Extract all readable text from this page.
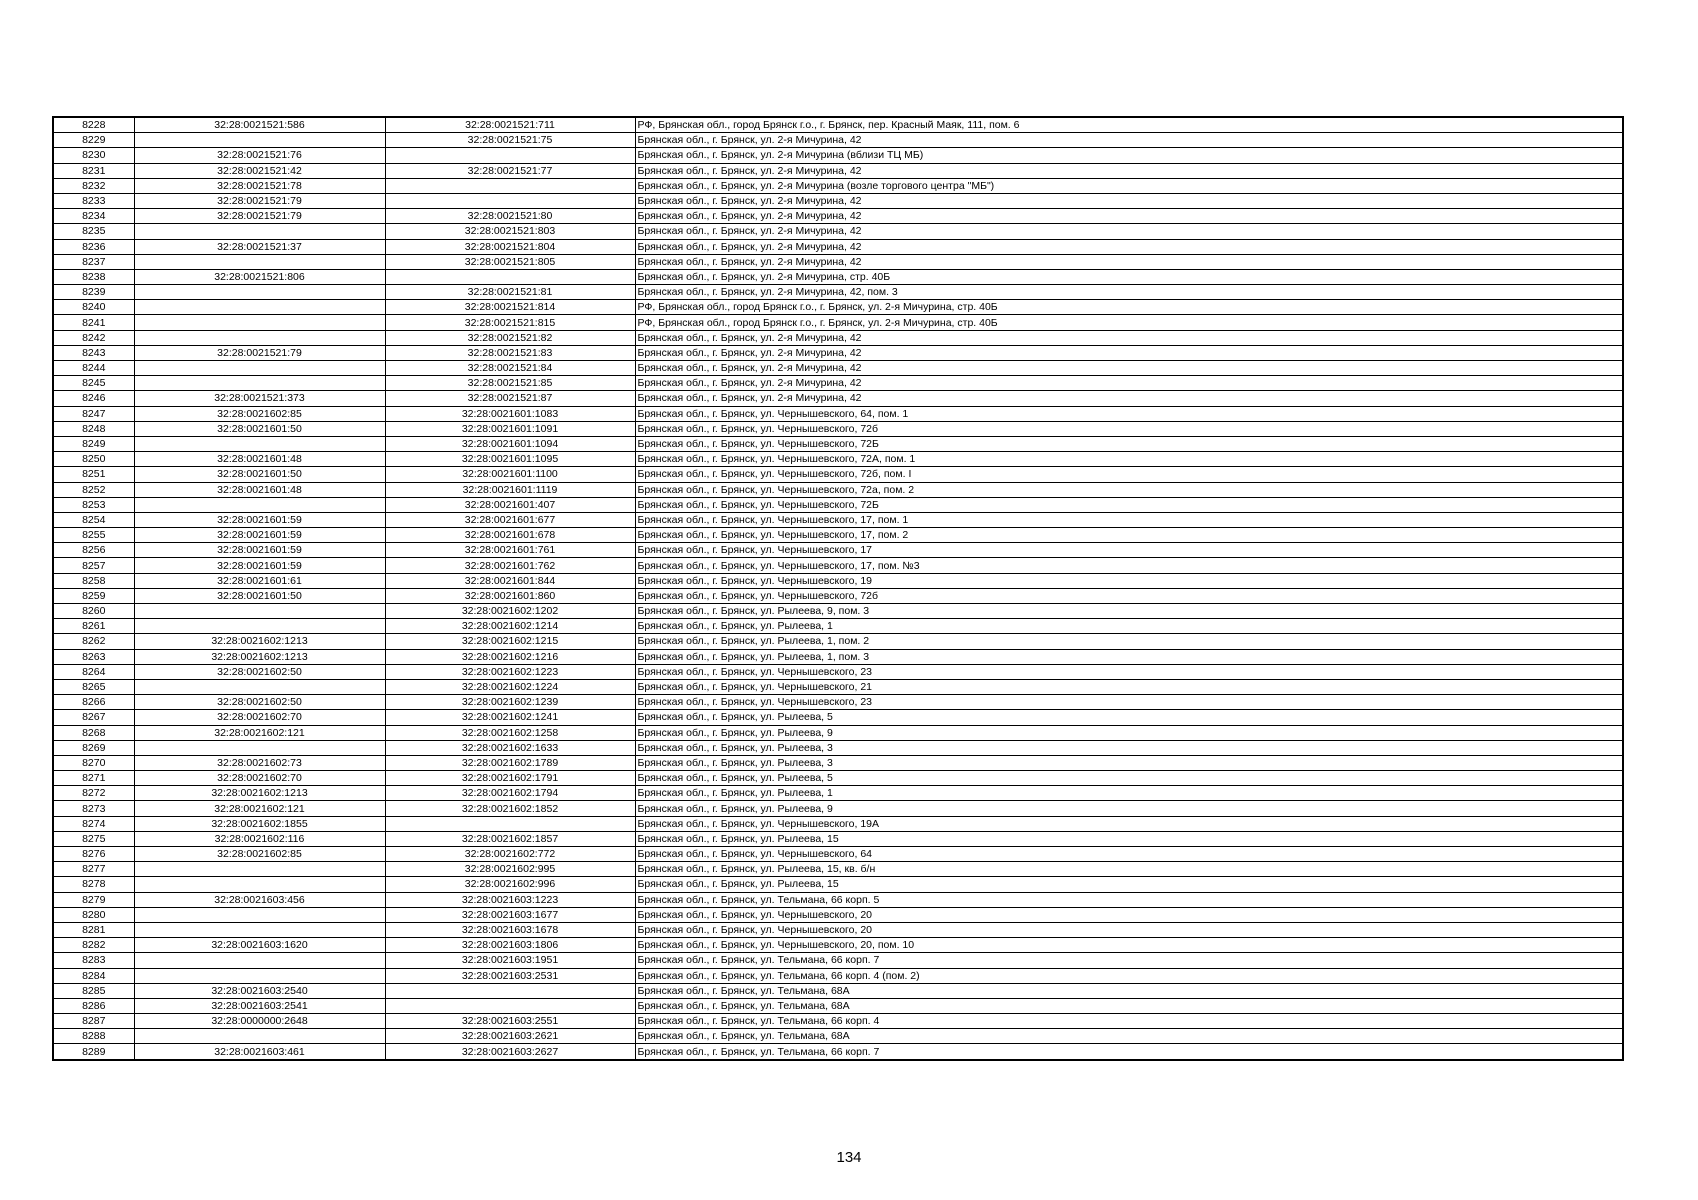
8228	32:28:0021521:586	32:28:0021521:711	РФ, Брянская обл., город Брянск г.о., г. Брянск, пер. Красный Маяк, 111, пом. 6
8229		32:28:0021521:75	Брянская обл., г. Брянск, ул. 2-я Мичурина, 42
8230	32:28:0021521:76		Брянская обл., г. Брянск, ул. 2-я Мичурина (вблизи ТЦ МБ)
8231	32:28:0021521:42	32:28:0021521:77	Брянская обл., г. Брянск, ул. 2-я Мичурина, 42
8232	32:28:0021521:78		Брянская обл., г. Брянск, ул. 2-я Мичурина (возле торгового центра "МБ")
8233	32:28:0021521:79		Брянская обл., г. Брянск, ул. 2-я Мичурина, 42
8234	32:28:0021521:79	32:28:0021521:80	Брянская обл., г. Брянск, ул. 2-я Мичурина, 42
8235		32:28:0021521:803	Брянская обл., г. Брянск, ул. 2-я Мичурина, 42
8236	32:28:0021521:37	32:28:0021521:804	Брянская обл., г. Брянск, ул. 2-я Мичурина, 42
8237		32:28:0021521:805	Брянская обл., г. Брянск, ул. 2-я Мичурина, 42
8238	32:28:0021521:806		Брянская обл., г. Брянск, ул. 2-я Мичурина, стр. 40Б
8239		32:28:0021521:81	Брянская обл., г. Брянск, ул. 2-я Мичурина, 42, пом. 3
8240		32:28:0021521:814	РФ, Брянская обл., город Брянск г.о., г. Брянск, ул. 2-я Мичурина, стр. 40Б
8241		32:28:0021521:815	РФ, Брянская обл., город Брянск г.о., г. Брянск, ул. 2-я Мичурина, стр. 40Б
8242		32:28:0021521:82	Брянская обл., г. Брянск, ул. 2-я Мичурина, 42
8243	32:28:0021521:79	32:28:0021521:83	Брянская обл., г. Брянск, ул. 2-я Мичурина, 42
8244		32:28:0021521:84	Брянская обл., г. Брянск, ул. 2-я Мичурина, 42
8245		32:28:0021521:85	Брянская обл., г. Брянск, ул. 2-я Мичурина, 42
8246	32:28:0021521:373	32:28:0021521:87	Брянская обл., г. Брянск, ул. 2-я Мичурина, 42
8247	32:28:0021602:85	32:28:0021601:1083	Брянская обл., г. Брянск, ул. Чернышевского, 64, пом. 1
8248	32:28:0021601:50	32:28:0021601:1091	Брянская обл., г. Брянск, ул. Чернышевского, 72б
8249		32:28:0021601:1094	Брянская обл., г. Брянск, ул. Чернышевского, 72Б
8250	32:28:0021601:48	32:28:0021601:1095	Брянская обл., г. Брянск, ул. Чернышевского, 72А, пом. 1
8251	32:28:0021601:50	32:28:0021601:1100	Брянская обл., г. Брянск, ул. Чернышевского, 72б, пом. I
8252	32:28:0021601:48	32:28:0021601:1119	Брянская обл., г. Брянск, ул. Чернышевского, 72а, пом. 2
8253		32:28:0021601:407	Брянская обл., г. Брянск, ул. Чернышевского, 72Б
8254	32:28:0021601:59	32:28:0021601:677	Брянская обл., г. Брянск, ул. Чернышевского, 17, пом. 1
8255	32:28:0021601:59	32:28:0021601:678	Брянская обл., г. Брянск, ул. Чернышевского, 17, пом. 2
8256	32:28:0021601:59	32:28:0021601:761	Брянская обл., г. Брянск, ул. Чернышевского, 17
8257	32:28:0021601:59	32:28:0021601:762	Брянская обл., г. Брянск, ул. Чернышевского, 17, пом. №3
8258	32:28:0021601:61	32:28:0021601:844	Брянская обл., г. Брянск, ул. Чернышевского, 19
8259	32:28:0021601:50	32:28:0021601:860	Брянская обл., г. Брянск, ул. Чернышевского, 72б
8260		32:28:0021602:1202	Брянская обл., г. Брянск, ул. Рылеева, 9, пом. 3
8261		32:28:0021602:1214	Брянская обл., г. Брянск, ул. Рылеева, 1
8262	32:28:0021602:1213	32:28:0021602:1215	Брянская обл., г. Брянск, ул. Рылеева, 1, пом. 2
8263	32:28:0021602:1213	32:28:0021602:1216	Брянская обл., г. Брянск, ул. Рылеева, 1, пом. 3
8264	32:28:0021602:50	32:28:0021602:1223	Брянская обл., г. Брянск, ул. Чернышевского, 23
8265		32:28:0021602:1224	Брянская обл., г. Брянск, ул. Чернышевского, 21
8266	32:28:0021602:50	32:28:0021602:1239	Брянская обл., г. Брянск, ул. Чернышевского, 23
8267	32:28:0021602:70	32:28:0021602:1241	Брянская обл., г. Брянск, ул. Рылеева, 5
8268	32:28:0021602:121	32:28:0021602:1258	Брянская обл., г. Брянск, ул. Рылеева, 9
8269		32:28:0021602:1633	Брянская обл., г. Брянск, ул. Рылеева, 3
8270	32:28:0021602:73	32:28:0021602:1789	Брянская обл., г. Брянск, ул. Рылеева, 3
8271	32:28:0021602:70	32:28:0021602:1791	Брянская обл., г. Брянск, ул. Рылеева, 5
8272	32:28:0021602:1213	32:28:0021602:1794	Брянская обл., г. Брянск, ул. Рылеева, 1
8273	32:28:0021602:121	32:28:0021602:1852	Брянская обл., г. Брянск, ул. Рылеева, 9
8274	32:28:0021602:1855		Брянская обл., г. Брянск, ул. Чернышевского, 19А
8275	32:28:0021602:116	32:28:0021602:1857	Брянская обл., г. Брянск, ул. Рылеева, 15
8276	32:28:0021602:85	32:28:0021602:772	Брянская обл., г. Брянск, ул. Чернышевского, 64
8277		32:28:0021602:995	Брянская обл., г. Брянск, ул. Рылеева, 15, кв. б/н
8278		32:28:0021602:996	Брянская обл., г. Брянск, ул. Рылеева, 15
8279	32:28:0021603:456	32:28:0021603:1223	Брянская обл., г. Брянск, ул. Тельмана, 66 корп. 5
8280		32:28:0021603:1677	Брянская обл., г. Брянск, ул. Чернышевского, 20
8281		32:28:0021603:1678	Брянская обл., г. Брянск, ул. Чернышевского, 20
8282	32:28:0021603:1620	32:28:0021603:1806	Брянская обл., г. Брянск, ул. Чернышевского, 20, пом. 10
8283		32:28:0021603:1951	Брянская обл., г. Брянск, ул. Тельмана, 66 корп. 7
8284		32:28:0021603:2531	Брянская обл., г. Брянск, ул. Тельмана, 66 корп. 4 (пом. 2)
8285	32:28:0021603:2540		Брянская обл., г. Брянск, ул. Тельмана, 68А
8286	32:28:0021603:2541		Брянская обл., г. Брянск, ул. Тельмана, 68А
8287	32:28:0000000:2648	32:28:0021603:2551	Брянская обл., г. Брянск, ул. Тельмана, 66 корп. 4
8288		32:28:0021603:2621	Брянская обл., г. Брянск, ул. Тельмана, 68А
8289	32:28:0021603:461	32:28:0021603:2627	Брянская обл., г. Брянск, ул. Тельмана, 66 корп. 7
134
